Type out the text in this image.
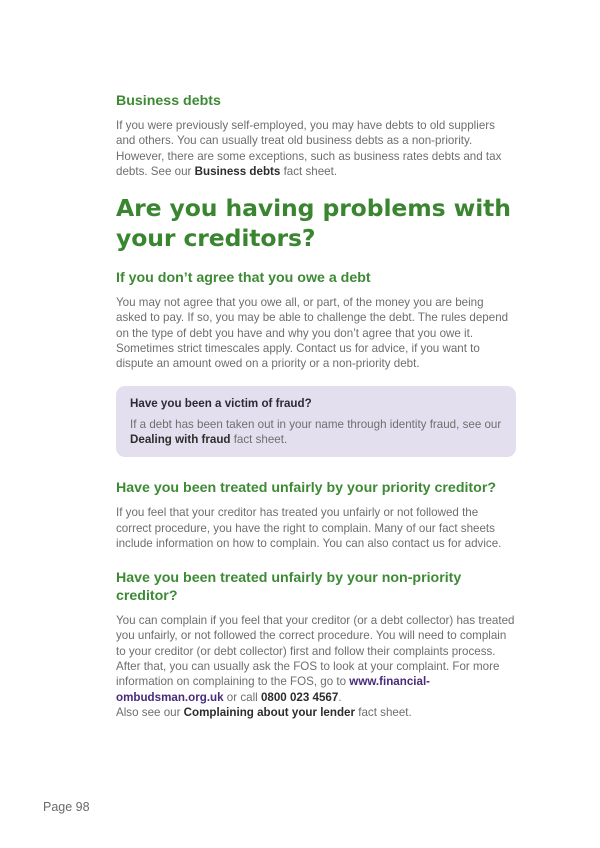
Business debts

If you were previously self-employed, you may have debts to old suppliers and others. You can usually treat old business debts as a non-priority. However, there are some exceptions, such as business rates debts and tax debts. See our Business debts fact sheet.

Are you having problems with your creditors?
If you don’t agree that you owe a debt

You may not agree that you owe all, or part, of the money you are being asked to pay. If so, you may be able to challenge the debt. The rules depend on the type of debt you have and why you don’t agree that you owe it. Sometimes strict timescales apply. Contact us for advice, if you want to dispute an amount owed on a priority or a non-priority debt.

Have you been a victim of fraud?

If a debt has been taken out in your name through identity fraud, see our Dealing with fraud fact sheet.

Have you been treated unfairly by your priority creditor?

If you feel that your creditor has treated you unfairly or not followed the correct procedure, you have the right to complain. Many of our fact sheets include information on how to complain. You can also contact us for advice.

Have you been treated unfairly by your non-priority creditor?

You can complain if you feel that your creditor (or a debt collector) has treated you unfairly, or not followed the correct procedure. You will need to complain to your creditor (or debt collector) first and follow their complaints process. After that, you can usually ask the FOS to look at your complaint. For more information on complaining to the FOS, go to www.financial-ombudsman.org.uk or call 0800 023 4567.
Also see our Complaining about your lender fact sheet.

Page 98
